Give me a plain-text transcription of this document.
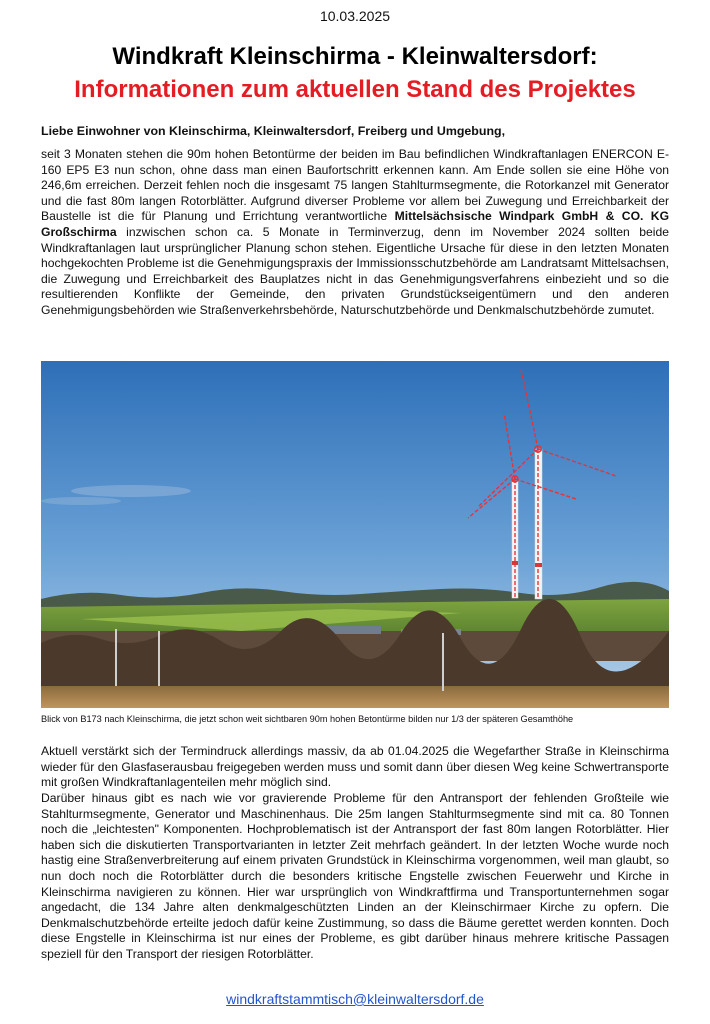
10.03.2025
Windkraft Kleinschirma - Kleinwaltersdorf:
Informationen zum aktuellen Stand des Projektes
Liebe Einwohner von Kleinschirma, Kleinwaltersdorf, Freiberg und Umgebung,
seit 3 Monaten stehen die 90m hohen Betontürme der beiden im Bau befindlichen Windkraftanlagen ENERCON E-160 EP5 E3 nun schon, ohne dass man einen Baufortschritt erkennen kann. Am Ende sollen sie eine Höhe von 246,6m erreichen. Derzeit fehlen noch die insgesamt 75 langen Stahlturmsegmente, die Rotorkanzel mit Generator und die fast 80m langen Rotorblätter. Aufgrund diverser Probleme vor allem bei Zuwegung und Erreichbarkeit der Baustelle ist die für Planung und Errichtung verantwortliche Mittelsächsische Windpark GmbH & CO. KG Großschirma inzwischen schon ca. 5 Monate in Terminverzug, denn im November 2024 sollten beide Windkraftanlagen laut ursprünglicher Planung schon stehen. Eigentliche Ursache für diese in den letzten Monaten hochgekochten Probleme ist die Genehmigungspraxis der Immissionsschutzbehörde am Landratsamt Mittelsachsen, die Zuwegung und Erreichbarkeit des Bauplatzes nicht in das Genehmigungsverfahrens einbezieht und so die resultierenden Konflikte der Gemeinde, den privaten Grundstückseigentümern und den anderen Genehmigungsbehörden wie Straßenverkehrsbehörde, Naturschutzbehörde und Denkmalschutzbehörde zumutet.
Blick von B173 nach Kleinschirma, die jetzt schon weit sichtbaren 90m hohen Betontürme bilden nur 1/3 der späteren Gesamthöhe
Aktuell verstärkt sich der Termindruck allerdings massiv, da ab 01.04.2025 die Wegefarther Straße in Kleinschirma wieder für den Glasfaserausbau freigegeben werden muss und somit dann über diesen Weg keine Schwertransporte mit großen Windkraftanlagenteilen mehr möglich sind.
Darüber hinaus gibt es nach wie vor gravierende Probleme für den Antransport der fehlenden Großteile wie Stahlturmsegmente, Generator und Maschinenhaus. Die 25m langen Stahlturmsegmente sind mit ca. 80 Tonnen noch die „leichtesten" Komponenten. Hochproblematisch ist der Antransport der fast 80m langen Rotorblätter. Hier haben sich die diskutierten Transportvarianten in letzter Zeit mehrfach geändert. In der letzten Woche wurde noch hastig eine Straßenverbreiterung auf einem privaten Grundstück in Kleinschirma vorgenommen, weil man glaubt, so nun doch noch die Rotorblätter durch die besonders kritische Engstelle zwischen Feuerwehr und Kirche in Kleinschirma navigieren zu können. Hier war ursprünglich von Windkraftfirma und Transportunternehmen sogar angedacht, die 134 Jahre alten denkmalgeschützten Linden an der Kleinschirmaer Kirche zu opfern. Die Denkmalschutzbehörde erteilte jedoch dafür keine Zustimmung, so dass die Bäume gerettet werden konnten. Doch diese Engstelle in Kleinschirma ist nur eines der Probleme, es gibt darüber hinaus mehrere kritische Passagen speziell für den Transport der riesigen Rotorblätter.
windkraftstammtisch@kleinwaltersdorf.de
